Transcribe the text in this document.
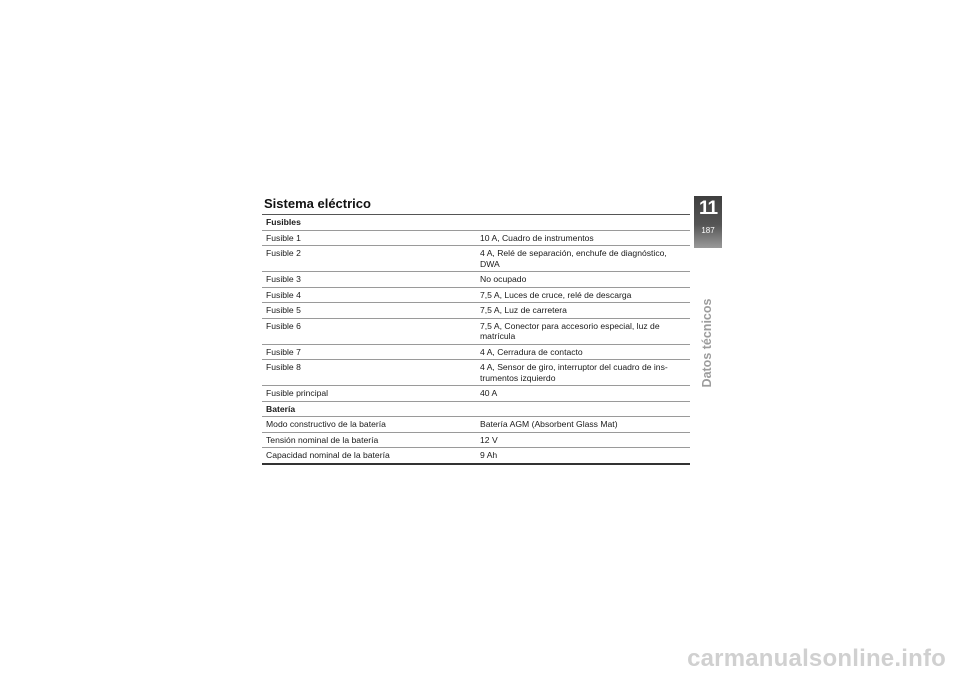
Sistema eléctrico
Fusibles	
Fusible 1	10 A, Cuadro de instrumentos
Fusible 2	4 A, Relé de separación, enchufe de diagnóstico, DWA
Fusible 3	No ocupado
Fusible 4	7,5 A, Luces de cruce, relé de descarga
Fusible 5	7,5 A, Luz de carretera
Fusible 6	7,5 A, Conector para accesorio especial, luz de matrícula
Fusible 7	4 A, Cerradura de contacto
Fusible 8	4 A, Sensor de giro, interruptor del cuadro de instrumentos izquierdo
Fusible principal	40 A
Batería	
Modo constructivo de la batería	Batería AGM (Absorbent Glass Mat)
Tensión nominal de la batería	12 V
Capacidad nominal de la batería	9 Ah
11
187
Datos técnicos
carmanualsonline.info
